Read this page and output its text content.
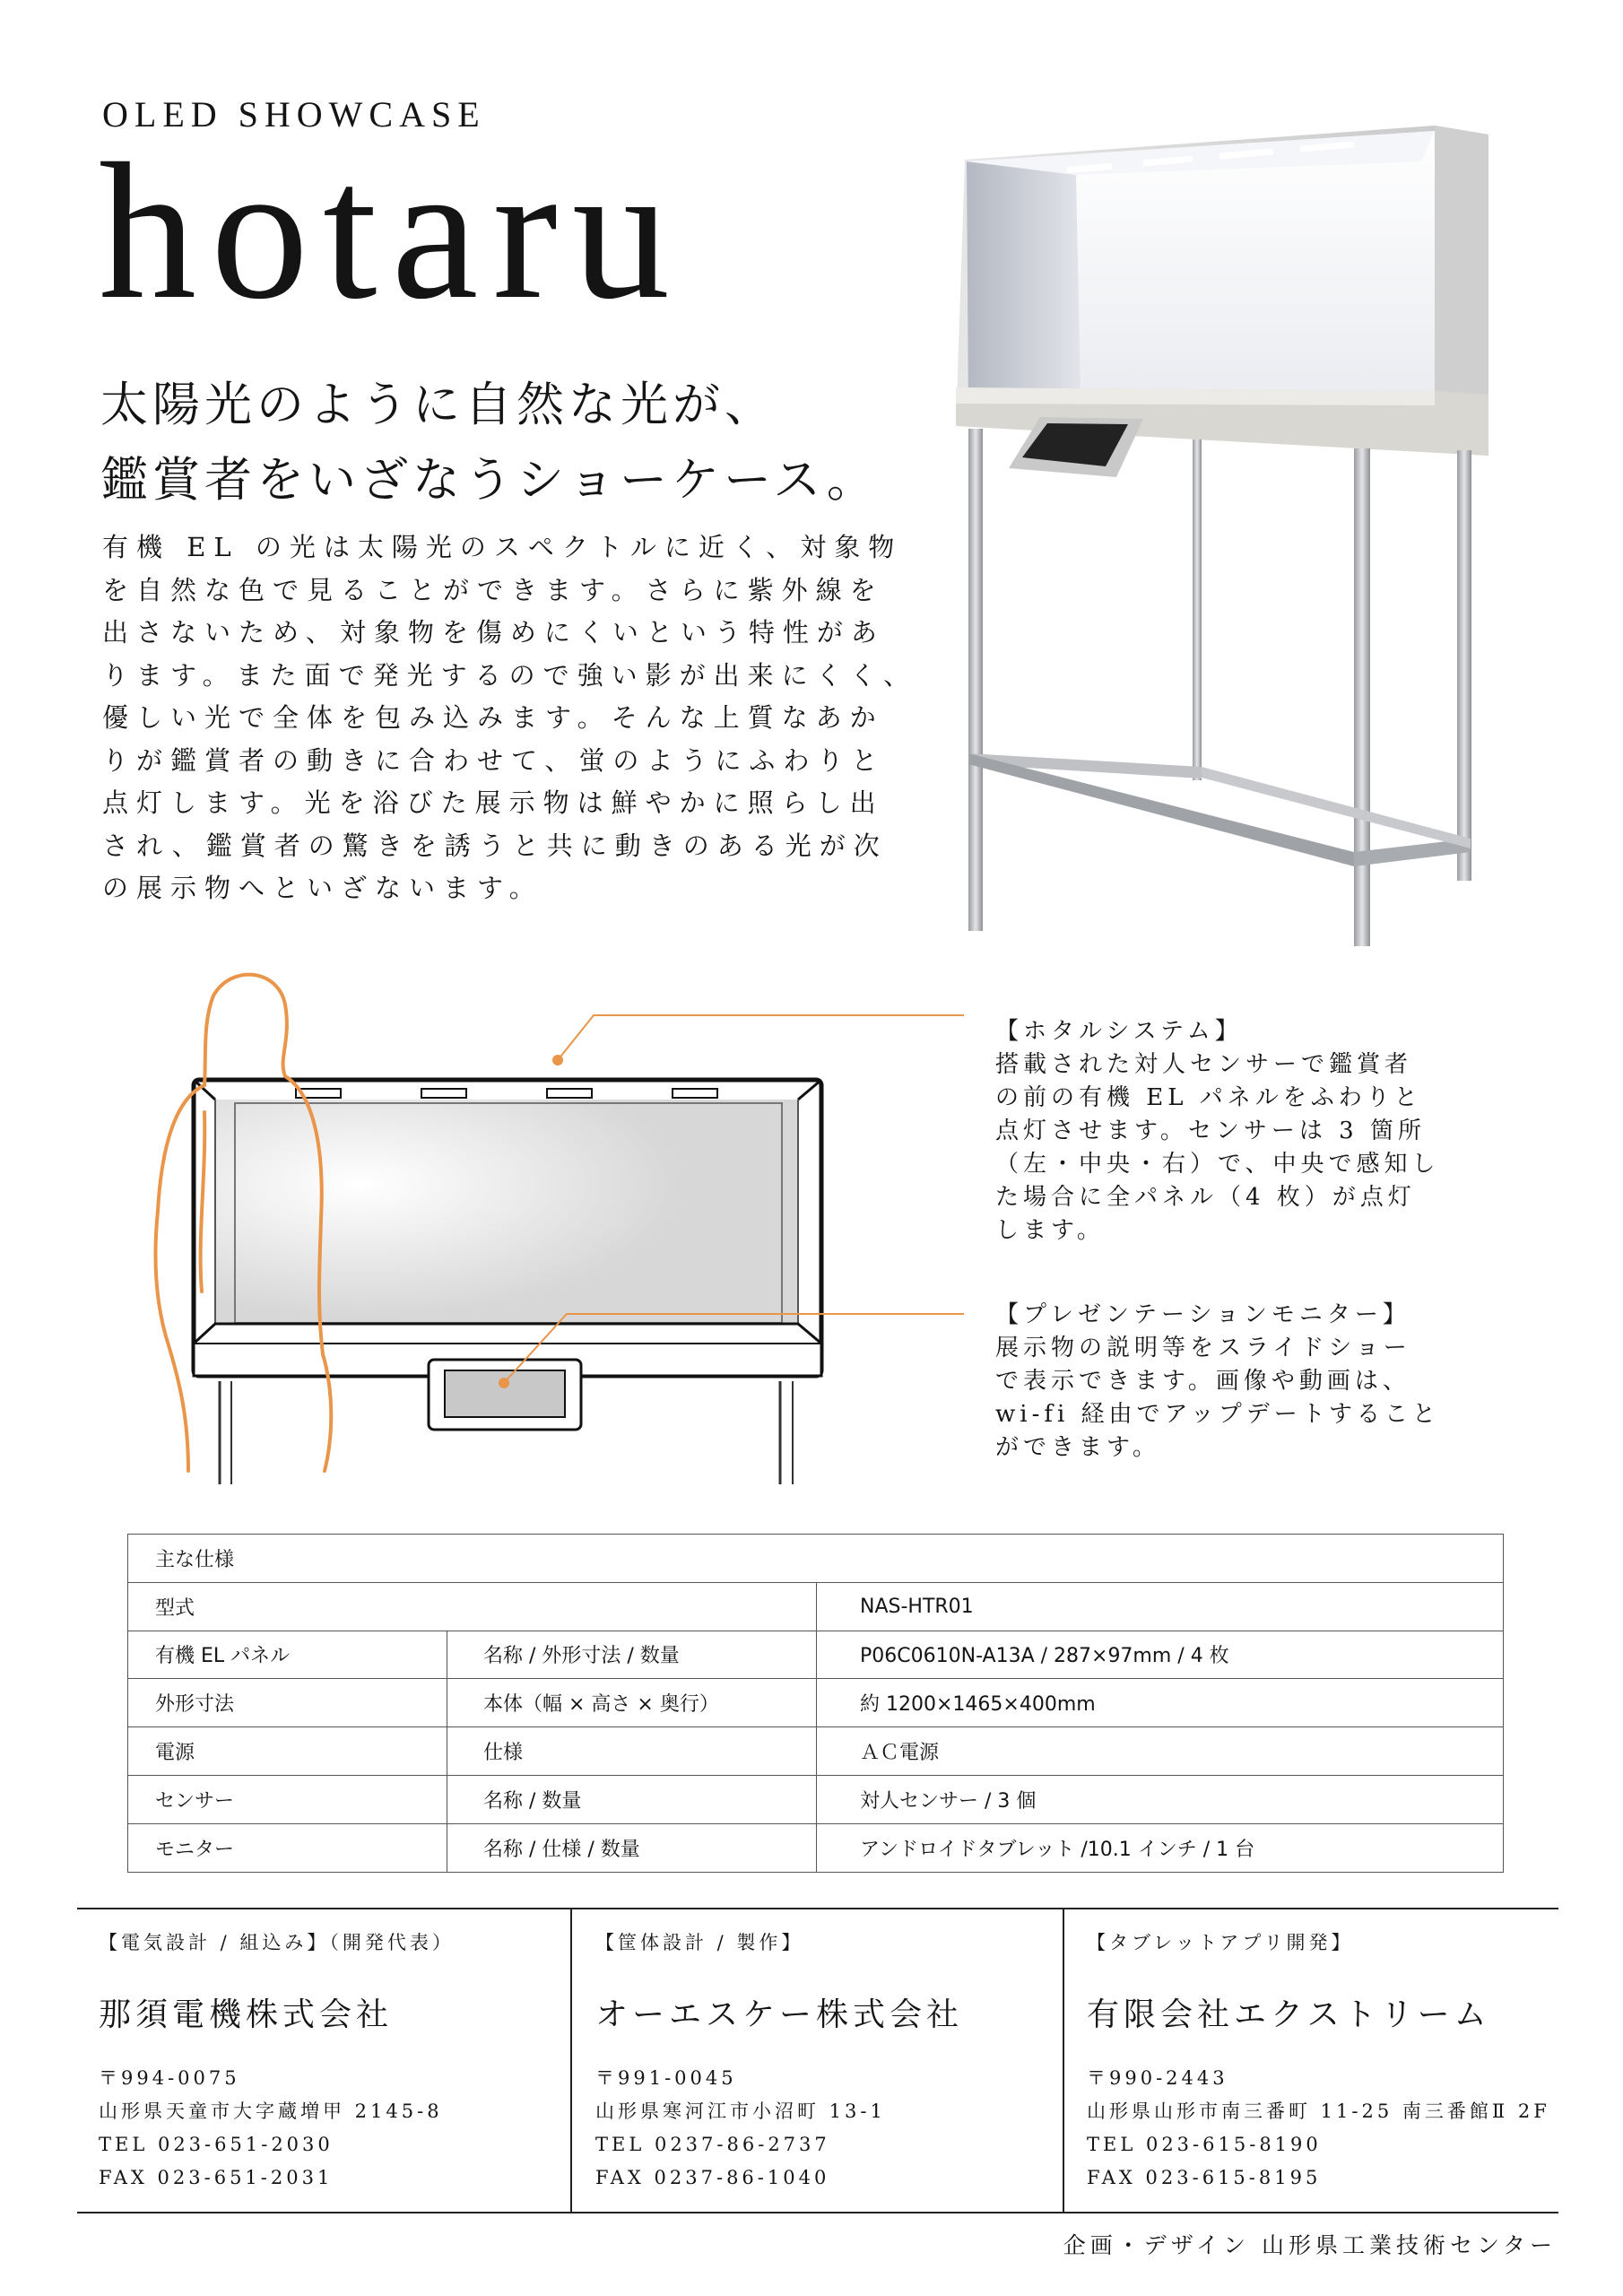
OLED SHOWCASE
hotaru
太陽光のように自然な光が、
鑑賞者をいざなうショーケース。
有機 EL の光は太陽光のスペクトルに近く、対象物
を自然な色で見ることができます。さらに紫外線を
出さないため、対象物を傷めにくいという特性があ
ります。また面で発光するので強い影が出来にくく、
優しい光で全体を包み込みます。そんな上質なあか
りが鑑賞者の動きに合わせて、蛍のようにふわりと
点灯します。光を浴びた展示物は鮮やかに照らし出
され、鑑賞者の驚きを誘うと共に動きのある光が次
の展示物へといざないます。
【ホタルシステム】
搭載された対人センサーで鑑賞者
の前の有機 EL パネルをふわりと
点灯させます。センサーは 3 箇所
（左・中央・右）で、中央で感知し
た場合に全パネル（4 枚）が点灯
します。
【プレゼンテーションモニター】
展示物の説明等をスライドショー
で表示できます。画像や動画は、
wi-fi 経由でアップデートすること
ができます。
主な仕様		
型式		NAS-HTR01
有機 EL パネル	名称 / 外形寸法 / 数量	P06C0610N-A13A / 287×97mm / 4 枚
外形寸法	本体（幅 × 高さ × 奥行）	約 1200×1465×400mm
電源	仕様	ＡＣ電源
センサー	名称 / 数量	対人センサー / 3 個
モニター	名称 / 仕様 / 数量	アンドロイドタブレット /10.1 インチ / 1 台
【電気設計 / 組込み】（開発代表）
那須電機株式会社
〒994-0075
山形県天童市大字蔵増甲 2145-8
TEL 023-651-2030
FAX 023-651-2031
【筐体設計 / 製作】
オーエスケー株式会社
〒991-0045
山形県寒河江市小沼町 13-1
TEL 0237-86-2737
FAX 0237-86-1040
【タブレットアプリ開発】
有限会社エクストリーム
〒990-2443
山形県山形市南三番町 11-25 南三番館Ⅱ 2F
TEL 023-615-8190
FAX 023-615-8195
企画・デザイン 山形県工業技術センター
